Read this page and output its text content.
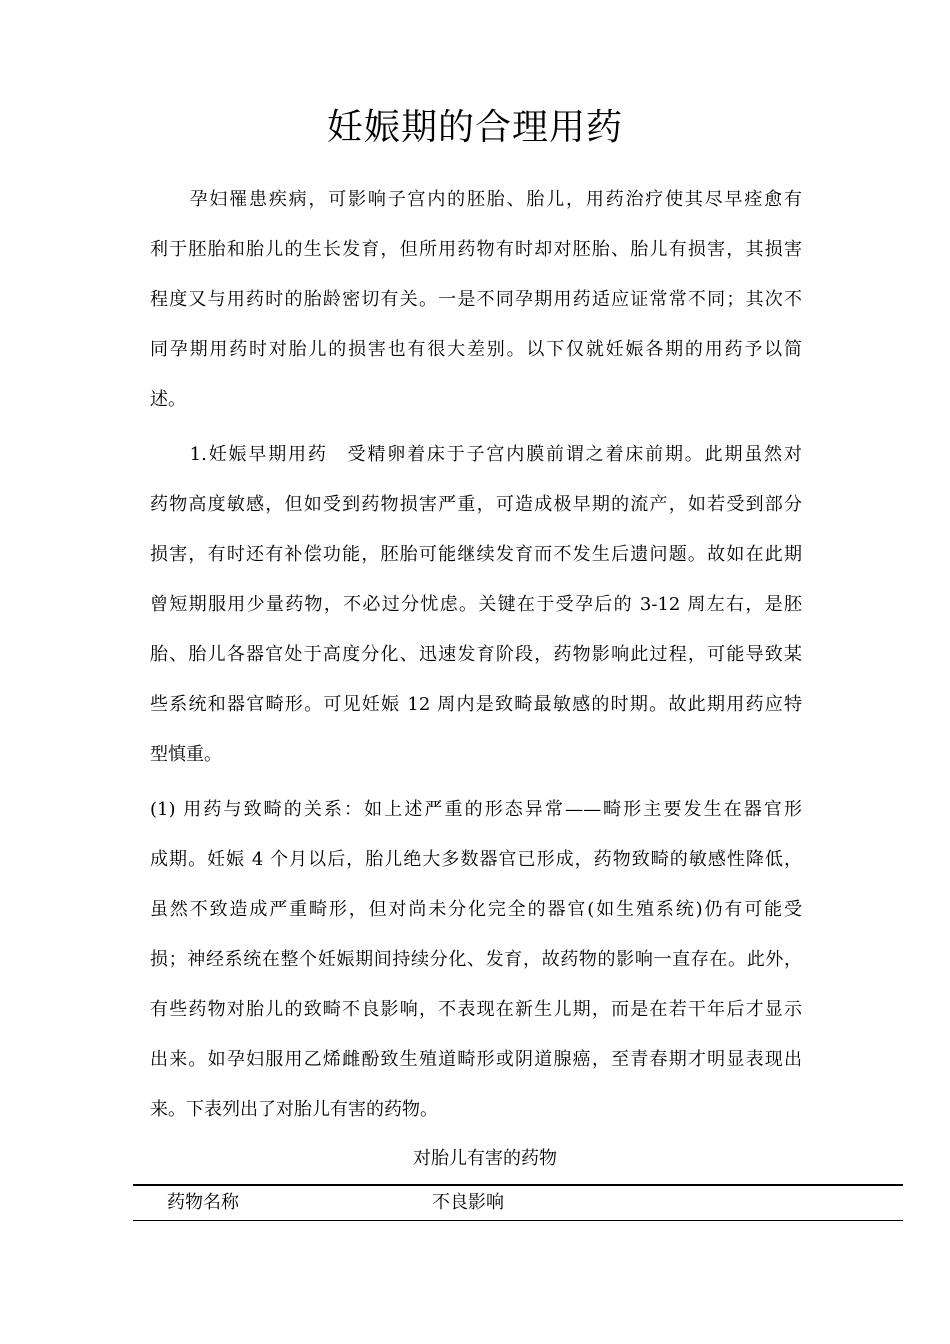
妊娠期的合理用药
　　孕妇罹患疾病，可影响子宫内的胚胎、胎儿，用药治疗使其尽早痊愈有
利于胚胎和胎儿的生长发育，但所用药物有时却对胚胎、胎儿有损害，其损害
程度又与用药时的胎龄密切有关。一是不同孕期用药适应证常常不同；其次不
同孕期用药时对胎儿的损害也有很大差别。以下仅就妊娠各期的用药予以简
述。
　　1.妊娠早期用药　受精卵着床于子宫内膜前谓之着床前期。此期虽然对
药物高度敏感，但如受到药物损害严重，可造成极早期的流产，如若受到部分
损害，有时还有补偿功能，胚胎可能继续发育而不发生后遗问题。故如在此期
曾短期服用少量药物，不必过分忧虑。关键在于受孕后的 3-12 周左右，是胚
胎、胎儿各器官处于高度分化、迅速发育阶段，药物影响此过程，可能导致某
些系统和器官畸形。可见妊娠 12 周内是致畸最敏感的时期。故此期用药应特
型慎重。
(1) 用药与致畸的关系：如上述严重的形态异常——畸形主要发生在器官形
成期。妊娠 4 个月以后，胎儿绝大多数器官已形成，药物致畸的敏感性降低，
虽然不致造成严重畸形，但对尚未分化完全的器官(如生殖系统)仍有可能受
损；神经系统在整个妊娠期间持续分化、发育，故药物的影响一直存在。此外，
有些药物对胎儿的致畸不良影响，不表现在新生儿期，而是在若干年后才显示
出来。如孕妇服用乙烯雌酚致生殖道畸形或阴道腺癌，至青春期才明显表现出
来。下表列出了对胎儿有害的药物。
对胎儿有害的药物
药物名称	不良影响
